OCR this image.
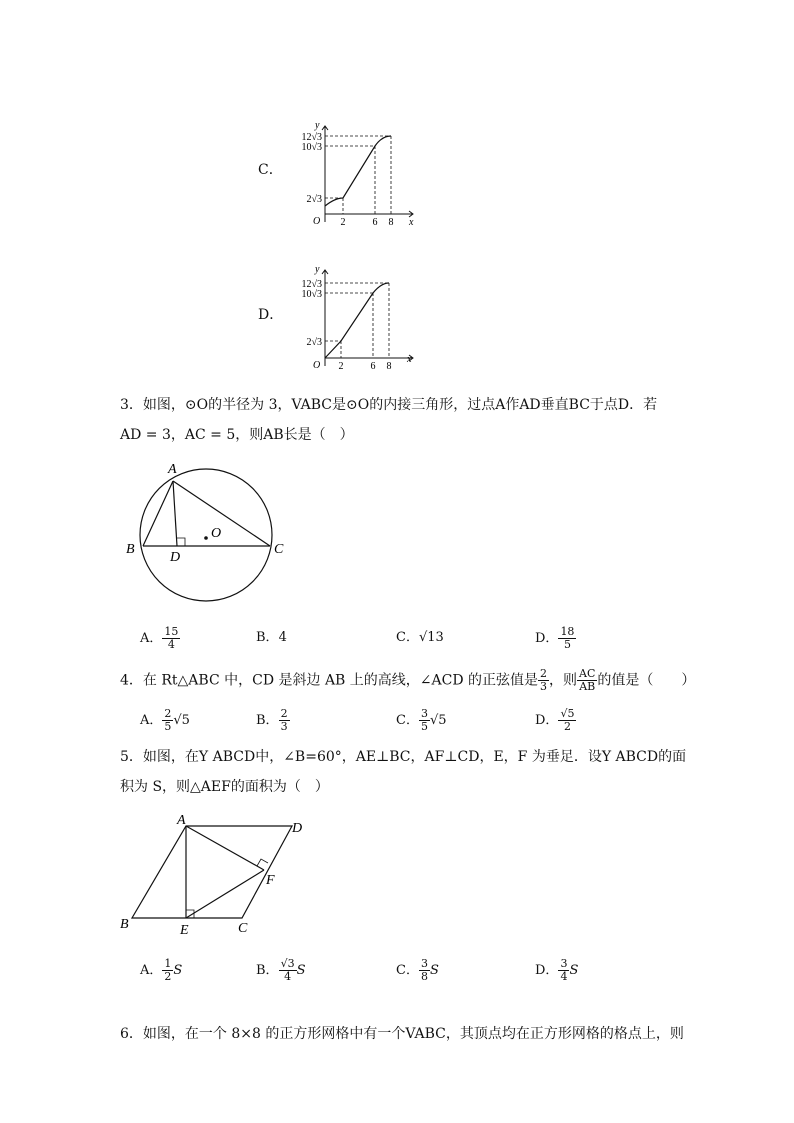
C．
y
x
O
12√3
10√3
2√3
2	6 8
D．
y
x
O
12√3
10√3
2√3
2	6 8
3．如图，⊙O的半径为 3，VABC是⊙O的内接三角形，过点A作AD垂直BC于点D．若
AD = 3，AC = 5，则AB长是（　）
A
B	C
D
O
A． $\frac{15}{4}$	B．4	C．√13	D． $\frac{18}{5}$
4．在 Rt△ABC 中，CD 是斜边 AB 上的高线，∠ACD 的正弦值是 $\frac{2}{3}$ ，则 $\frac{AC}{AB}$ 的值是（　　）
A． $\frac{2}{5} √5$	B． $\frac{2}{3}$	C． $\frac{3}{5} √5$	D． $\frac{√5}{2}$
5．如图，在Y ABCD中，∠B=60°，AE⊥BC，AF⊥CD，E，F 为垂足．设Y ABCD的面
积为 S，则△AEF的面积为（　）
A
D
B	C
E
F
A． $\frac{1}{2}$ S	B． $\frac{√3}{4}$ S	C． $\frac{3}{8}$ S	D． $\frac{3}{4}$ S
6．如图，在一个 8×8 的正方形网格中有一个VABC，其顶点均在正方形网格的格点上，则
